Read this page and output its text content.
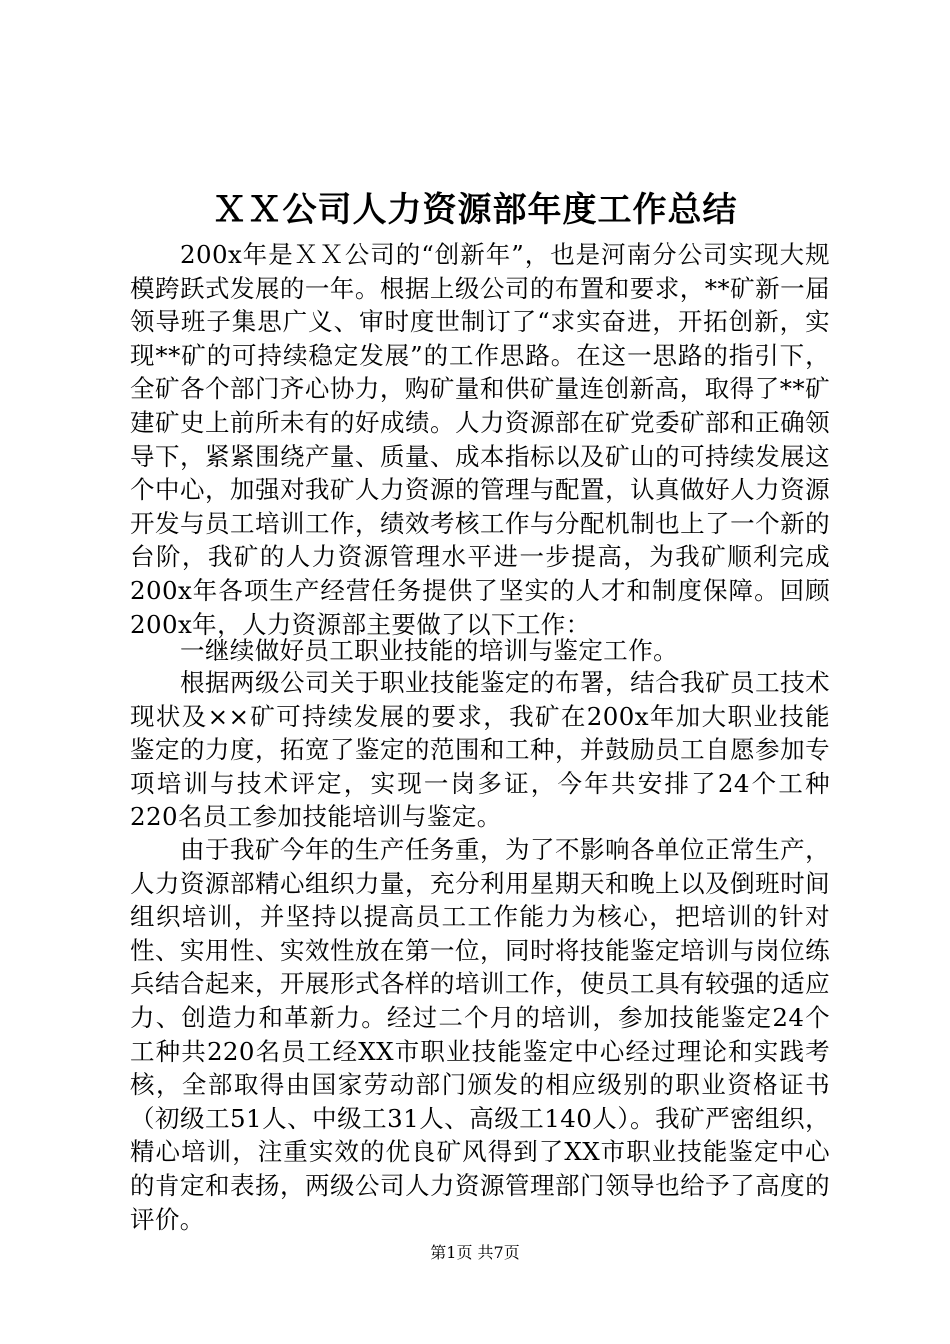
ＸＸ公司人力资源部年度工作总结

200x年是ＸＸ公司的“创新年”，也是河南分公司实现大规模跨跃式发展的一年。根据上级公司的布置和要求，**矿新一届领导班子集思广义、审时度世制订了“求实奋进，开拓创新，实现**矿的可持续稳定发展”的工作思路。在这一思路的指引下，全矿各个部门齐心协力，购矿量和供矿量连创新高，取得了**矿建矿史上前所未有的好成绩。人力资源部在矿党委矿部和正确领导下，紧紧围绕产量、质量、成本指标以及矿山的可持续发展这个中心，加强对我矿人力资源的管理与配置，认真做好人力资源开发与员工培训工作，绩效考核工作与分配机制也上了一个新的台阶，我矿的人力资源管理水平进一步提高，为我矿顺利完成200x年各项生产经营任务提供了坚实的人才和制度保障。回顾200x年，人力资源部主要做了以下工作：

一继续做好员工职业技能的培训与鉴定工作。

根据两级公司关于职业技能鉴定的布署，结合我矿员工技术现状及××矿可持续发展的要求，我矿在200x年加大职业技能鉴定的力度，拓宽了鉴定的范围和工种，并鼓励员工自愿参加专项培训与技术评定，实现一岗多证，今年共安排了24个工种220名员工参加技能培训与鉴定。

由于我矿今年的生产任务重，为了不影响各单位正常生产，人力资源部精心组织力量，充分利用星期天和晚上以及倒班时间组织培训，并坚持以提高员工工作能力为核心，把培训的针对性、实用性、实效性放在第一位，同时将技能鉴定培训与岗位练兵结合起来，开展形式各样的培训工作，使员工具有较强的适应力、创造力和革新力。经过二个月的培训，参加技能鉴定24个工种共220名员工经XX市职业技能鉴定中心经过理论和实践考核，全部取得由国家劳动部门颁发的相应级别的职业资格证书（初级工51人、中级工31人、高级工140人）。我矿严密组织，精心培训，注重实效的优良矿风得到了XX市职业技能鉴定中心的肯定和表扬，两级公司人力资源管理部门领导也给予了高度的评价。

第1页 共7页
